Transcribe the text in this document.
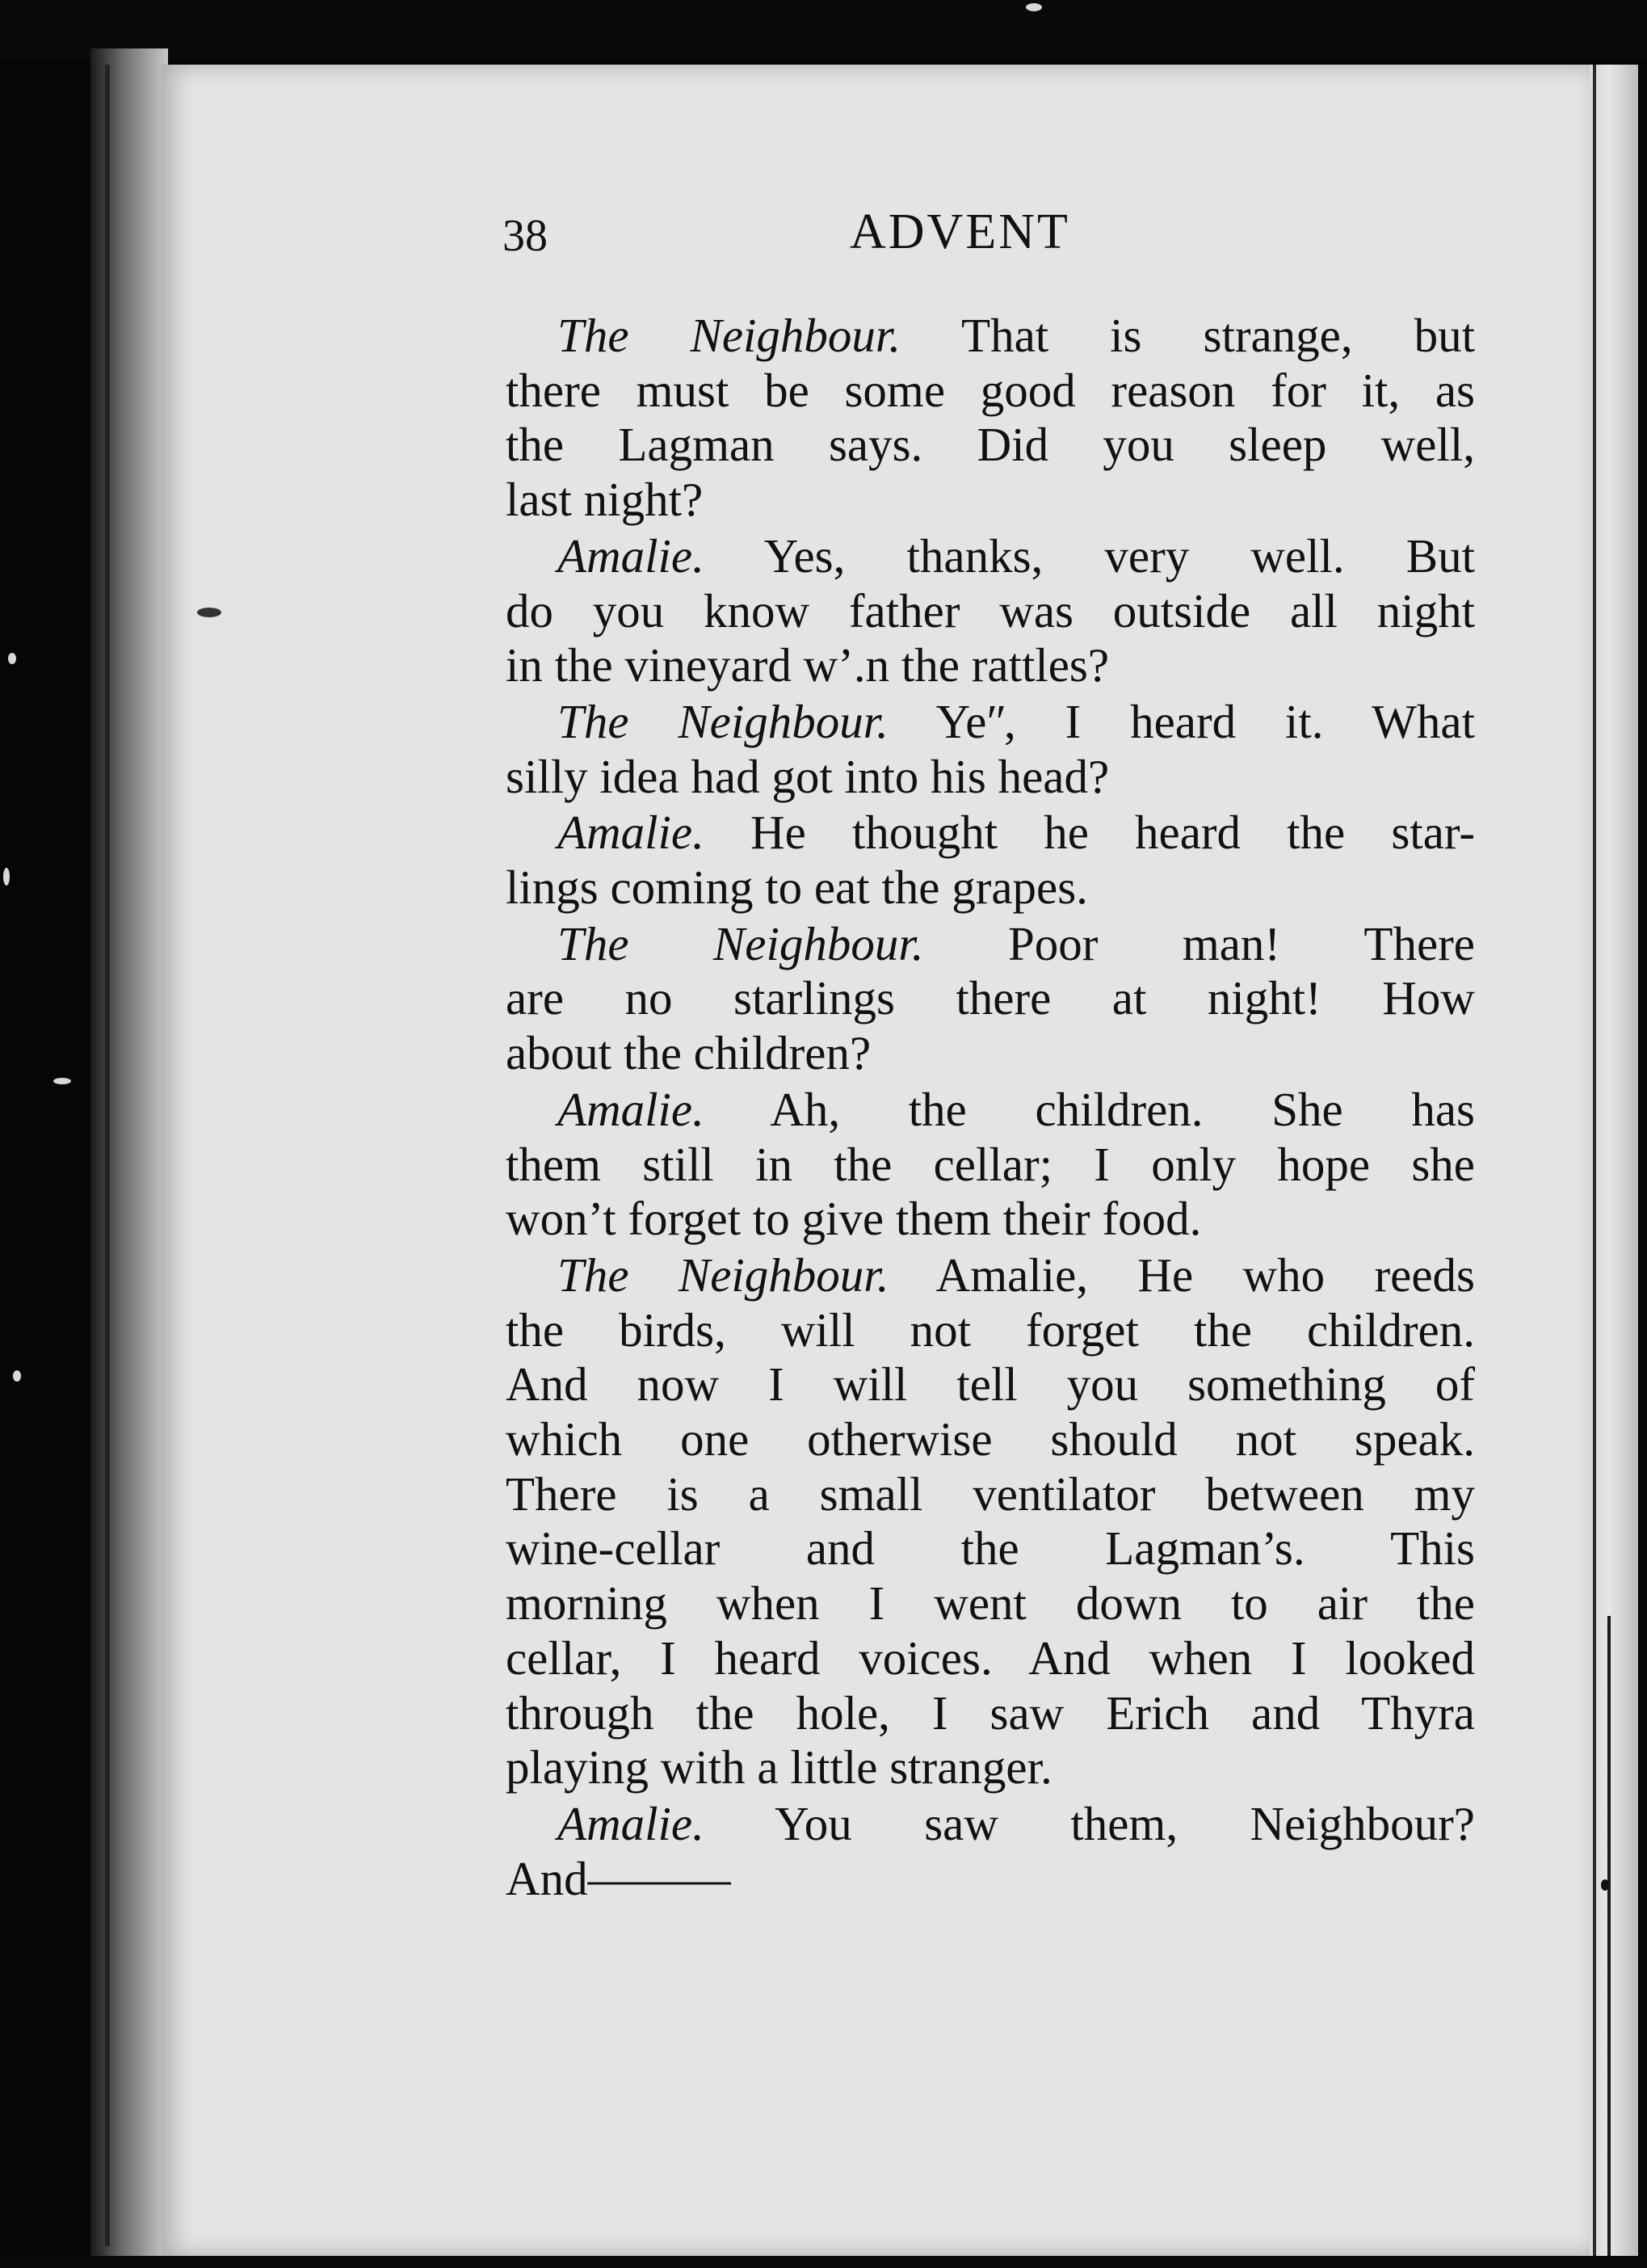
38	ADVENT
The Neighbour. That is strange, but
there must be some good reason for it, as
the Lagman says. Did you sleep well,
last night?
Amalie. Yes, thanks, very well. But
do you know father was outside all night
in the vineyard wʼ.n the rattles?
The Neighbour. Yeʺ, I heard it. What
silly idea had got into his head?
Amalie. He thought he heard the star-
lings coming to eat the grapes.
The Neighbour. Poor man! There
are no starlings there at night! How
about the children?
Amalie. Ah, the children. She has
them still in the cellar; I only hope she
won’t forget to give them their food.
The Neighbour. Amalie, He who reeds
the birds, will not forget the children.
And now I will tell you something of
which one otherwise should not speak.
There is a small ventilator between my
wine-cellar and the Lagman’s. This
morning when I went down to air the
cellar, I heard voices. And when I looked
through the hole, I saw Erich and Thyra
playing with a little stranger.
Amalie. You saw them, Neighbour?
And———
